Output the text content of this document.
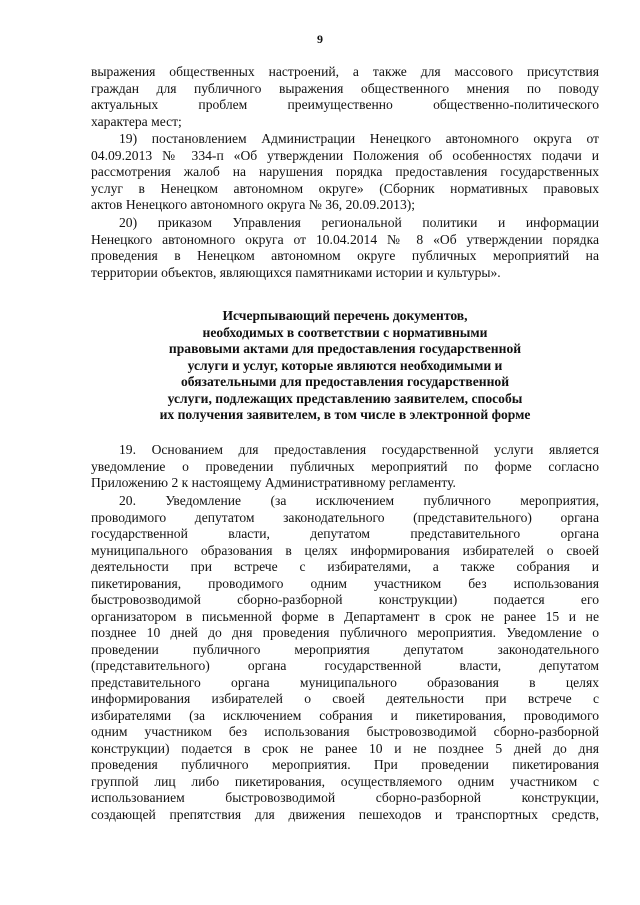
9
выражения общественных настроений, а также для массового присутствия
граждан для публичного выражения общественного мнения по поводу
актуальных проблем преимущественно общественно-политического
характера мест;
19) постановлением Администрации Ненецкого автономного округа от
04.09.2013 № 334-п «Об утверждении Положения об особенностях подачи и
рассмотрения жалоб на нарушения порядка предоставления государственных
услуг в Ненецком автономном округе» (Сборник нормативных правовых
актов Ненецкого автономного округа № 36, 20.09.2013);
20) приказом Управления региональной политики и информации
Ненецкого автономного округа от 10.04.2014 № 8 «Об утверждении порядка
проведения в Ненецком автономном округе публичных мероприятий на
территории объектов, являющихся памятниками истории и культуры».
Исчерпывающий перечень документов,
необходимых в соответствии с нормативными
правовыми актами для предоставления государственной
услуги и услуг, которые являются необходимыми и
обязательными для предоставления государственной
услуги, подлежащих представлению заявителем, способы
их получения заявителем, в том числе в электронной форме
19. Основанием для предоставления государственной услуги является
уведомление о проведении публичных мероприятий по форме согласно
Приложению 2 к настоящему Административному регламенту.
20. Уведомление (за исключением публичного мероприятия,
проводимого депутатом законодательного (представительного) органа
государственной власти, депутатом представительного органа
муниципального образования в целях информирования избирателей о своей
деятельности при встрече с избирателями, а также собрания и
пикетирования, проводимого одним участником без использования
быстровозводимой сборно-разборной конструкции) подается его
организатором в письменной форме в Департамент в срок не ранее 15 и не
позднее 10 дней до дня проведения публичного мероприятия. Уведомление о
проведении публичного мероприятия депутатом законодательного
(представительного) органа государственной власти, депутатом
представительного органа муниципального образования в целях
информирования избирателей о своей деятельности при встрече с
избирателями (за исключением собрания и пикетирования, проводимого
одним участником без использования быстровозводимой сборно-разборной
конструкции) подается в срок не ранее 10 и не позднее 5 дней до дня
проведения публичного мероприятия. При проведении пикетирования
группой лиц либо пикетирования, осуществляемого одним участником с
использованием быстровозводимой сборно-разборной конструкции,
создающей препятствия для движения пешеходов и транспортных средств,
